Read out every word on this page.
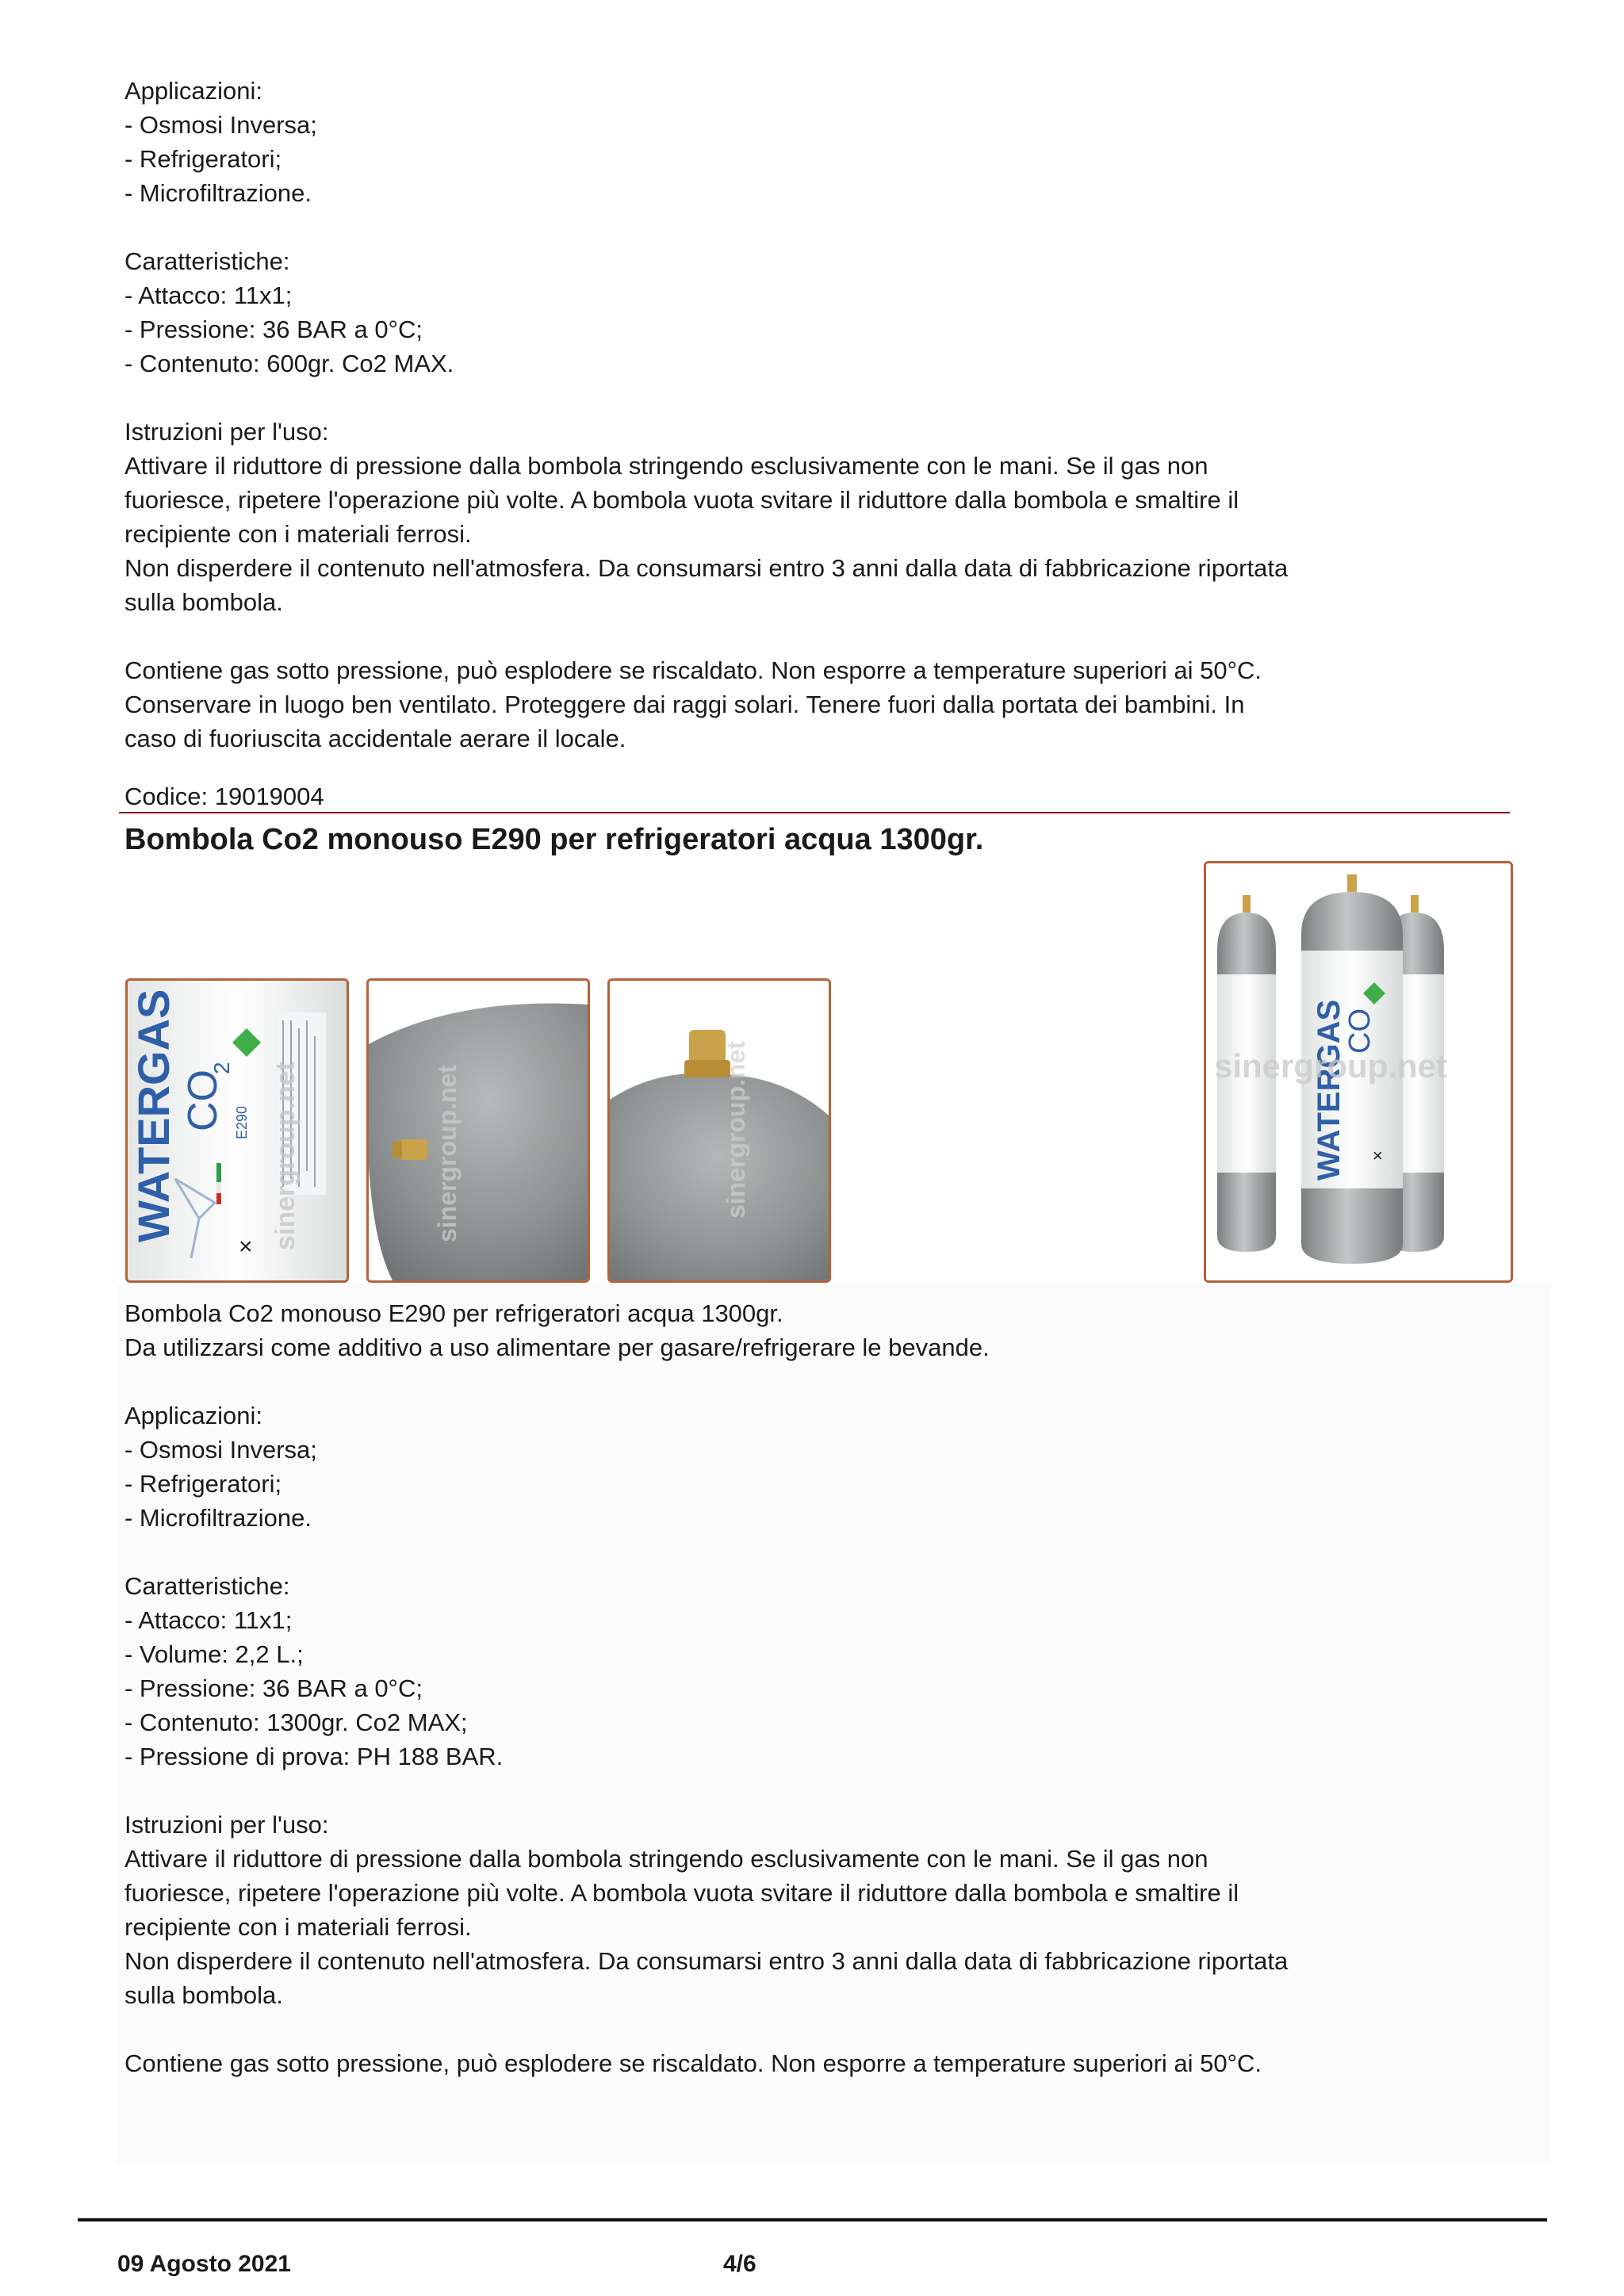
Applicazioni:
- Osmosi Inversa;
- Refrigeratori;
- Microfiltrazione.
Caratteristiche:
- Attacco: 11x1;
- Pressione: 36 BAR a 0°C;
- Contenuto: 600gr. Co2 MAX.
Istruzioni per l'uso:
Attivare il riduttore di pressione dalla bombola stringendo esclusivamente con le mani. Se il gas non
fuoriesce, ripetere l'operazione più volte. A bombola vuota svitare il riduttore dalla bombola e smaltire il
recipiente con i materiali ferrosi.
Non disperdere il contenuto nell'atmosfera. Da consumarsi entro 3 anni dalla data di fabbricazione riportata
sulla bombola.
Contiene gas sotto pressione, può esplodere se riscaldato. Non esporre a temperature superiori ai 50°C.
Conservare in luogo ben ventilato. Proteggere dai raggi solari. Tenere fuori dalla portata dei bambini. In
caso di fuoriuscita accidentale aerare il locale.
Codice: 19019004
Bombola Co2 monouso E290 per refrigeratori acqua 1300gr.
WATERGAS CO
2
E290
× sinergroup.net	sinergroup.net	sinergroup.net	WATERGAS
CO
×
sinergroup.net
Bombola Co2 monouso E290 per refrigeratori acqua 1300gr.
Da utilizzarsi come additivo a uso alimentare per gasare/refrigerare le bevande.
Applicazioni:
- Osmosi Inversa;
- Refrigeratori;
- Microfiltrazione.
Caratteristiche:
- Attacco: 11x1;
- Volume: 2,2 L.;
- Pressione: 36 BAR a 0°C;
- Contenuto: 1300gr. Co2 MAX;
- Pressione di prova: PH 188 BAR.
Istruzioni per l'uso:
Attivare il riduttore di pressione dalla bombola stringendo esclusivamente con le mani. Se il gas non
fuoriesce, ripetere l'operazione più volte. A bombola vuota svitare il riduttore dalla bombola e smaltire il
recipiente con i materiali ferrosi.
Non disperdere il contenuto nell'atmosfera. Da consumarsi entro 3 anni dalla data di fabbricazione riportata
sulla bombola.
Contiene gas sotto pressione, può esplodere se riscaldato. Non esporre a temperature superiori ai 50°C.
09 Agosto 2021	4/6
